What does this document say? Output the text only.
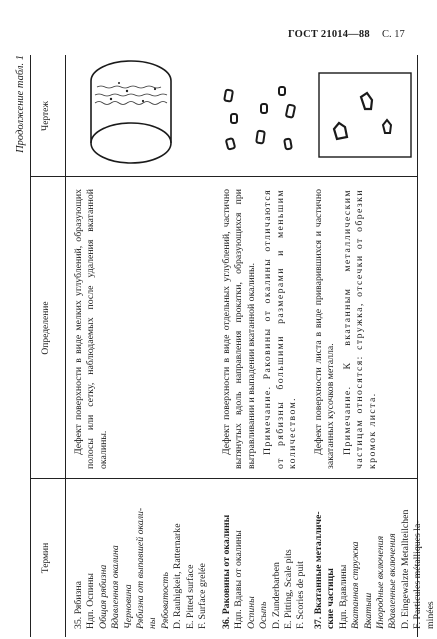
ГОСТ 21014—88 С. 17
Продолжение табл. 1
Термин
Определение
Чертеж
35. Рябизна Ндп. Оспины Общая рябизна Вдавленная окалина Черновина Рябизна от выпавшей окали- ны Рябоватость D. Rauhigkeit, Ratternarke E. Pitted surface F. Surface grelée

Дефект поверхности в виде мелких углублений, образующих полосы или сетку, наблюдаемых после удаления вкатанной окалины.

36. Раковины от окалины Ндп. Вдавы от окалины Оспины Осыпь D. Zunderbarben E. Pitting, Scale pits F. Scories de puit

Дефект поверхности в виде отдельных углублений, частично вытянутых вдоль направления прокатки, образующихся при вытравливании и выпадении вкатанной окалины. Примечание. Раковины от окалины отличаются от рябизны большими размерами и меньшим количеством.

37. Вкатанные металличе- ские частицы Ндп. Вдавлины Вкатанная стружка Вкатыш Инородные включения Вдавленные включения D. Eingewalzte Metallteilchen F. Particules métalliques la- minées

Дефект поверхности листа в виде приварившихся и частично закатанных кусочков металла. Примечание. К вкатанным металлическим частицам относятся: стружка, отсечки от обрезки кромок листа.
